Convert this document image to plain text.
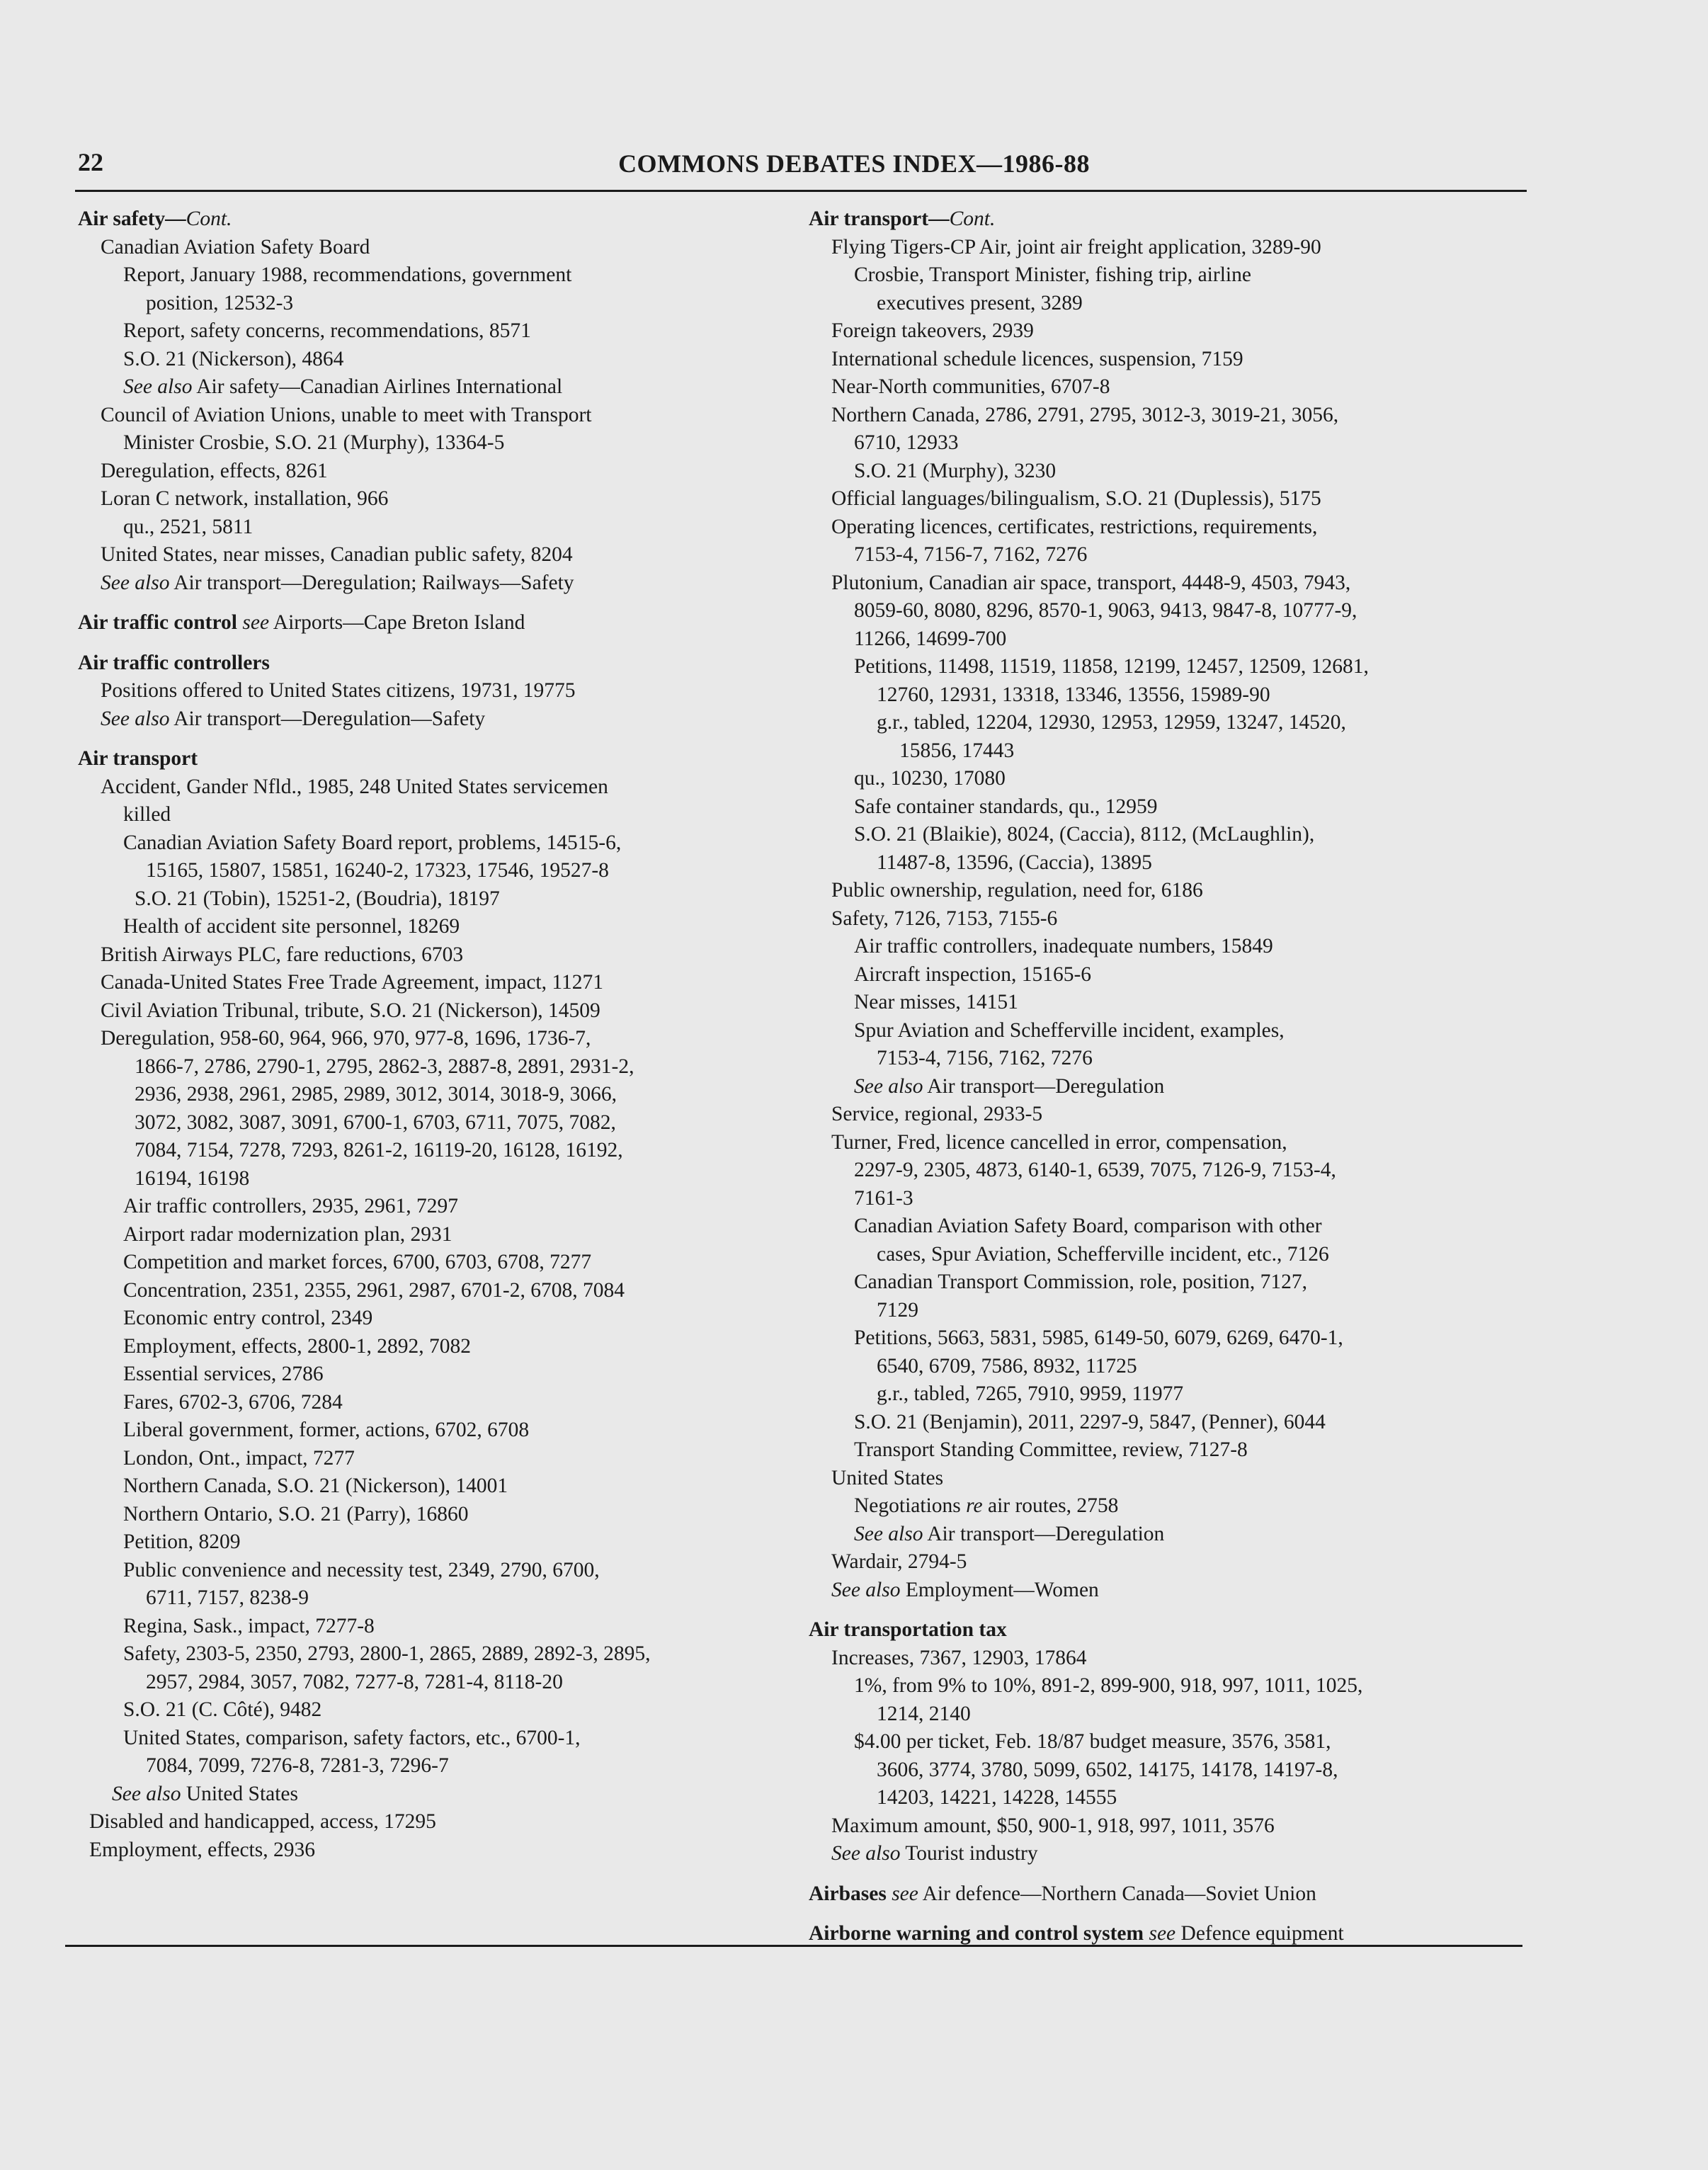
22	COMMONS DEBATES INDEX—1986-88
Air safety—Cont.
Canadian Aviation Safety Board
Report, January 1988, recommendations, government
position, 12532-3
Report, safety concerns, recommendations, 8571
S.O. 21 (Nickerson), 4864
See also Air safety—Canadian Airlines International
Council of Aviation Unions, unable to meet with Transport
Minister Crosbie, S.O. 21 (Murphy), 13364-5
Deregulation, effects, 8261
Loran C network, installation, 966
qu., 2521, 5811
United States, near misses, Canadian public safety, 8204
See also Air transport—Deregulation; Railways—Safety
Air traffic control see Airports—Cape Breton Island
Air traffic controllers
Positions offered to United States citizens, 19731, 19775
See also Air transport—Deregulation—Safety
Air transport
Accident, Gander Nfld., 1985, 248 United States servicemen
killed
Canadian Aviation Safety Board report, problems, 14515-6,
15165, 15807, 15851, 16240-2, 17323, 17546, 19527-8
S.O. 21 (Tobin), 15251-2, (Boudria), 18197
Health of accident site personnel, 18269
British Airways PLC, fare reductions, 6703
Canada-United States Free Trade Agreement, impact, 11271
Civil Aviation Tribunal, tribute, S.O. 21 (Nickerson), 14509
Deregulation, 958-60, 964, 966, 970, 977-8, 1696, 1736-7,
1866-7, 2786, 2790-1, 2795, 2862-3, 2887-8, 2891, 2931-2,
2936, 2938, 2961, 2985, 2989, 3012, 3014, 3018-9, 3066,
3072, 3082, 3087, 3091, 6700-1, 6703, 6711, 7075, 7082,
7084, 7154, 7278, 7293, 8261-2, 16119-20, 16128, 16192,
16194, 16198
Air traffic controllers, 2935, 2961, 7297
Airport radar modernization plan, 2931
Competition and market forces, 6700, 6703, 6708, 7277
Concentration, 2351, 2355, 2961, 2987, 6701-2, 6708, 7084
Economic entry control, 2349
Employment, effects, 2800-1, 2892, 7082
Essential services, 2786
Fares, 6702-3, 6706, 7284
Liberal government, former, actions, 6702, 6708
London, Ont., impact, 7277
Northern Canada, S.O. 21 (Nickerson), 14001
Northern Ontario, S.O. 21 (Parry), 16860
Petition, 8209
Public convenience and necessity test, 2349, 2790, 6700,
6711, 7157, 8238-9
Regina, Sask., impact, 7277-8
Safety, 2303-5, 2350, 2793, 2800-1, 2865, 2889, 2892-3, 2895,
2957, 2984, 3057, 7082, 7277-8, 7281-4, 8118-20
S.O. 21 (C. Côté), 9482
United States, comparison, safety factors, etc., 6700-1,
7084, 7099, 7276-8, 7281-3, 7296-7
See also United States
Disabled and handicapped, access, 17295
Employment, effects, 2936
Air transport—Cont.
Flying Tigers-CP Air, joint air freight application, 3289-90
Crosbie, Transport Minister, fishing trip, airline
executives present, 3289
Foreign takeovers, 2939
International schedule licences, suspension, 7159
Near-North communities, 6707-8
Northern Canada, 2786, 2791, 2795, 3012-3, 3019-21, 3056,
6710, 12933
S.O. 21 (Murphy), 3230
Official languages/bilingualism, S.O. 21 (Duplessis), 5175
Operating licences, certificates, restrictions, requirements,
7153-4, 7156-7, 7162, 7276
Plutonium, Canadian air space, transport, 4448-9, 4503, 7943,
8059-60, 8080, 8296, 8570-1, 9063, 9413, 9847-8, 10777-9,
11266, 14699-700
Petitions, 11498, 11519, 11858, 12199, 12457, 12509, 12681,
12760, 12931, 13318, 13346, 13556, 15989-90
g.r., tabled, 12204, 12930, 12953, 12959, 13247, 14520,
15856, 17443
qu., 10230, 17080
Safe container standards, qu., 12959
S.O. 21 (Blaikie), 8024, (Caccia), 8112, (McLaughlin),
11487-8, 13596, (Caccia), 13895
Public ownership, regulation, need for, 6186
Safety, 7126, 7153, 7155-6
Air traffic controllers, inadequate numbers, 15849
Aircraft inspection, 15165-6
Near misses, 14151
Spur Aviation and Schefferville incident, examples,
7153-4, 7156, 7162, 7276
See also Air transport—Deregulation
Service, regional, 2933-5
Turner, Fred, licence cancelled in error, compensation,
2297-9, 2305, 4873, 6140-1, 6539, 7075, 7126-9, 7153-4,
7161-3
Canadian Aviation Safety Board, comparison with other
cases, Spur Aviation, Schefferville incident, etc., 7126
Canadian Transport Commission, role, position, 7127,
7129
Petitions, 5663, 5831, 5985, 6149-50, 6079, 6269, 6470-1,
6540, 6709, 7586, 8932, 11725
g.r., tabled, 7265, 7910, 9959, 11977
S.O. 21 (Benjamin), 2011, 2297-9, 5847, (Penner), 6044
Transport Standing Committee, review, 7127-8
United States
Negotiations re air routes, 2758
See also Air transport—Deregulation
Wardair, 2794-5
See also Employment—Women
Air transportation tax
Increases, 7367, 12903, 17864
1%, from 9% to 10%, 891-2, 899-900, 918, 997, 1011, 1025,
1214, 2140
$4.00 per ticket, Feb. 18/87 budget measure, 3576, 3581,
3606, 3774, 3780, 5099, 6502, 14175, 14178, 14197-8,
14203, 14221, 14228, 14555
Maximum amount, $50, 900-1, 918, 997, 1011, 3576
See also Tourist industry
Airbases see Air defence—Northern Canada—Soviet Union
Airborne warning and control system see Defence equipment
